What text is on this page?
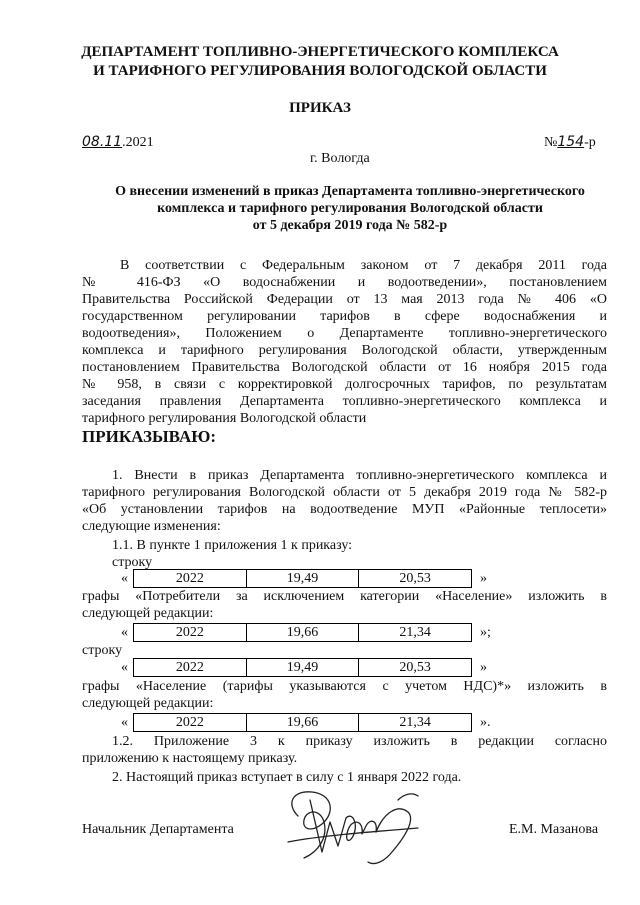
ДЕПАРТАМЕНТ ТОПЛИВНО-ЭНЕРГЕТИЧЕСКОГО КОМПЛЕКСА
И ТАРИФНОГО РЕГУЛИРОВАНИЯ ВОЛОГОДСКОЙ ОБЛАСТИ
ПРИКАЗ
08.11.2021	№154-р
г. Вологда
О внесении изменений в приказ Департамента топливно-энергетического
комплекса и тарифного регулирования Вологодской области
от 5 декабря 2019 года № 582-р
В соответствии с Федеральным законом от 7 декабря 2011 года
№ 416-ФЗ «О водоснабжении и водоотведении», постановлением
Правительства Российской Федерации от 13 мая 2013 года № 406 «О
государственном регулировании тарифов в сфере водоснабжения и
водоотведения», Положением о Департаменте топливно-энергетического
комплекса и тарифного регулирования Вологодской области, утвержденным
постановлением Правительства Вологодской области от 16 ноября 2015 года
№ 958, в связи с корректировкой долгосрочных тарифов, по результатам
заседания правления Департамента топливно-энергетического комплекса и
тарифного регулирования Вологодской области
ПРИКАЗЫВАЮ:
1. Внести в приказ Департамента топливно-энергетического комплекса и
тарифного регулирования Вологодской области от 5 декабря 2019 года № 582-р
«Об установлении тарифов на водоотведение МУП «Районные теплосети»
следующие изменения:
1.1. В пункте 1 приложения 1 к приказу:
строку
«	2022	19,49	20,53	»
графы «Потребители за исключением категории «Население» изложить в
следующей редакции:
«	2022	19,66	21,34	»;
строку
«	2022	19,49	20,53	»
графы «Население (тарифы указываются с учетом НДС)*» изложить в
следующей редакции:
«	2022	19,66	21,34	».
1.2. Приложение 3 к приказу изложить в редакции согласно
приложению к настоящему приказу.
2. Настоящий приказ вступает в силу с 1 января 2022 года.
Начальник Департамента	Е.М. Мазанова
